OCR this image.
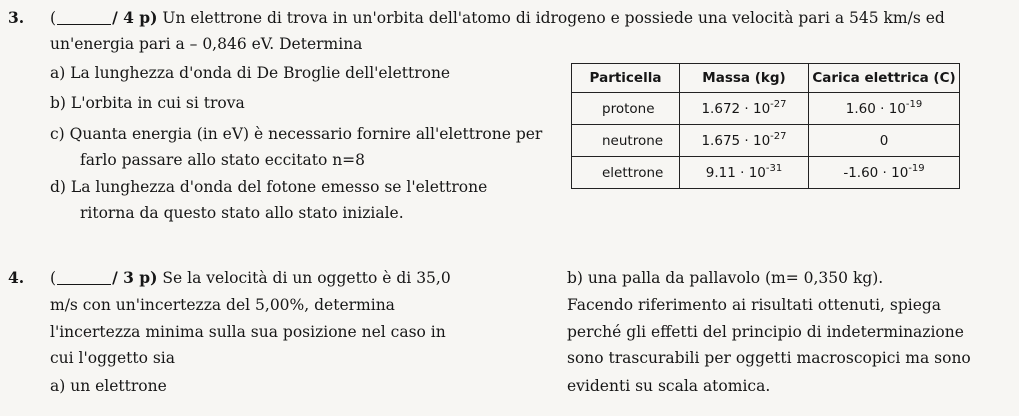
3. (	/ 4 p) Un elettrone di trova in un'orbita dell'atomo di idrogeno e possiede una velocità pari a 545 km/s ed
un'energia pari a – 0,846 eV. Determina
a) La lunghezza d'onda di De Broglie dell'elettrone
b) L'orbita in cui si trova
c) Quanta energia (in eV) è necessario fornire all'elettrone per
farlo passare allo stato eccitato n=8
d) La lunghezza d'onda del fotone emesso se l'elettrone
ritorna da questo stato allo stato iniziale.
Particella	Massa (kg)	Carica elettrica (C)
protone	$1.672 \cdot 10^{-27}$	$1.60 \cdot 10^{-19}$
neutrone	$1.675 \cdot 10^{-27}$	0
elettrone	$9.11 \cdot 10^{-31}$	$-1.60 \cdot 10^{-19}$
4. (	/ 3 p) Se la velocità di un oggetto è di 35,0
m/s con un'incertezza del 5,00%, determina
l'incertezza minima sulla sua posizione nel caso in
cui l'oggetto sia
a) un elettrone
b) una palla da pallavolo (m= 0,350 kg).
Facendo riferimento ai risultati ottenuti, spiega
perché gli effetti del principio di indeterminazione
sono trascurabili per oggetti macroscopici ma sono
evidenti su scala atomica.
